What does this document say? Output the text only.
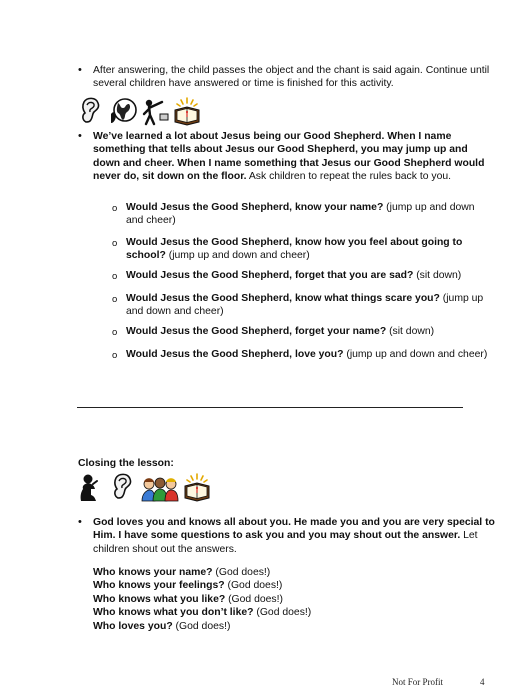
• After answering, the child passes the object and the chant is said again. Continue until several children have answered or time is finished for this activity.
• We’ve learned a lot about Jesus being our Good Shepherd. When I name something that tells about Jesus our Good Shepherd, you may jump up and down and cheer. When I name something that Jesus our Good Shepherd would never do, sit down on the floor. Ask children to repeat the rules back to you.
o Would Jesus the Good Shepherd, know your name? (jump up and down and cheer)
o Would Jesus the Good Shepherd, know how you feel about going to school? (jump up and down and cheer)
o Would Jesus the Good Shepherd, forget that you are sad? (sit down)
o Would Jesus the Good Shepherd, know what things scare you? (jump up and down and cheer)
o Would Jesus the Good Shepherd, forget your name? (sit down)
o Would Jesus the Good Shepherd, love you? (jump up and down and cheer)
Closing the lesson:
• God loves you and knows all about you. He made you and you are very special to Him. I have some questions to ask you and you may shout out the answer. Let children shout out the answers.
Who knows your name? (God does!)
Who knows your feelings? (God does!)
Who knows what you like? (God does!)
Who knows what you don’t like? (God does!)
Who loves you? (God does!)
Not For Profit	4
